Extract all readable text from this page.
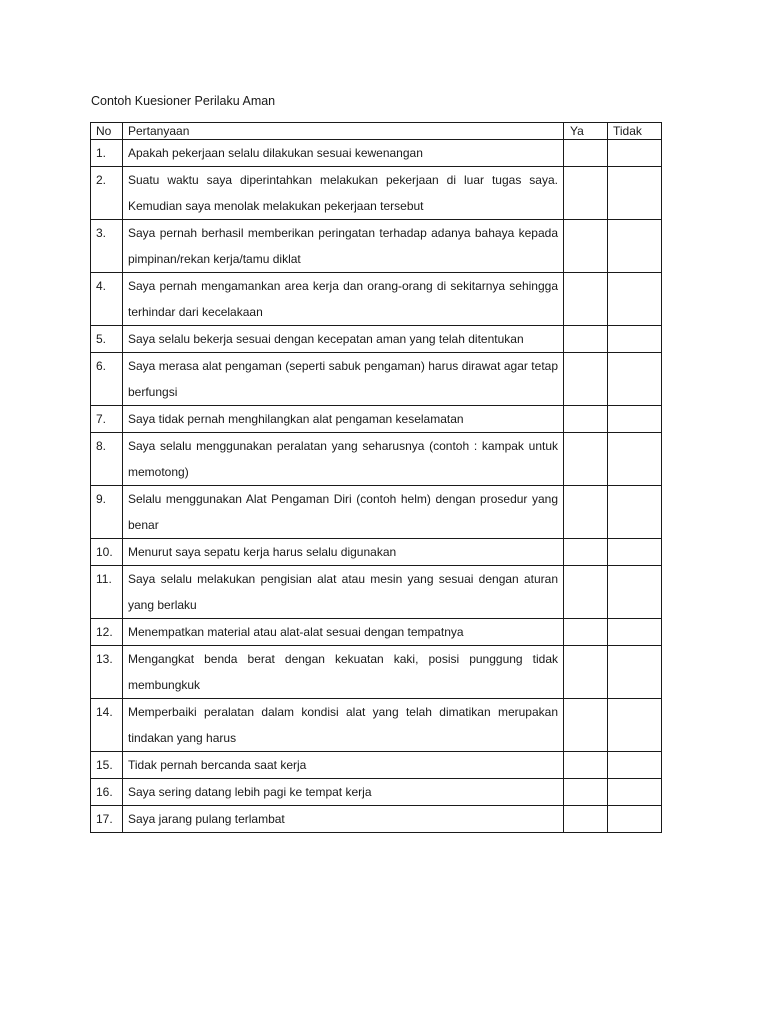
Contoh Kuesioner Perilaku Aman
No	Pertanyaan	Ya	Tidak
1.	Apakah pekerjaan selalu dilakukan sesuai kewenangan		
2.	Suatu waktu saya diperintahkan melakukan pekerjaan di luar tugas saya. Kemudian saya menolak melakukan pekerjaan tersebut		
3.	Saya pernah berhasil memberikan peringatan terhadap adanya bahaya kepada pimpinan/rekan kerja/tamu diklat		
4.	Saya pernah mengamankan area kerja dan orang-orang di sekitarnya sehingga terhindar dari kecelakaan		
5.	Saya selalu bekerja sesuai dengan kecepatan aman yang telah ditentukan		
6.	Saya merasa alat pengaman (seperti sabuk pengaman) harus dirawat agar tetap berfungsi		
7.	Saya tidak pernah menghilangkan alat pengaman keselamatan		
8.	Saya selalu menggunakan peralatan yang seharusnya (contoh : kampak untuk memotong)		
9.	Selalu menggunakan Alat Pengaman Diri (contoh helm) dengan prosedur yang benar		
10.	Menurut saya sepatu kerja harus selalu digunakan		
11.	Saya selalu melakukan pengisian alat atau mesin yang sesuai dengan aturan yang berlaku		
12.	Menempatkan material atau alat-alat sesuai dengan tempatnya		
13.	Mengangkat benda berat dengan kekuatan kaki, posisi punggung tidak membungkuk		
14.	Memperbaiki peralatan dalam kondisi alat yang telah dimatikan merupakan tindakan yang harus		
15.	Tidak pernah bercanda saat kerja		
16.	Saya sering datang lebih pagi ke tempat kerja		
17.	Saya jarang pulang terlambat		
